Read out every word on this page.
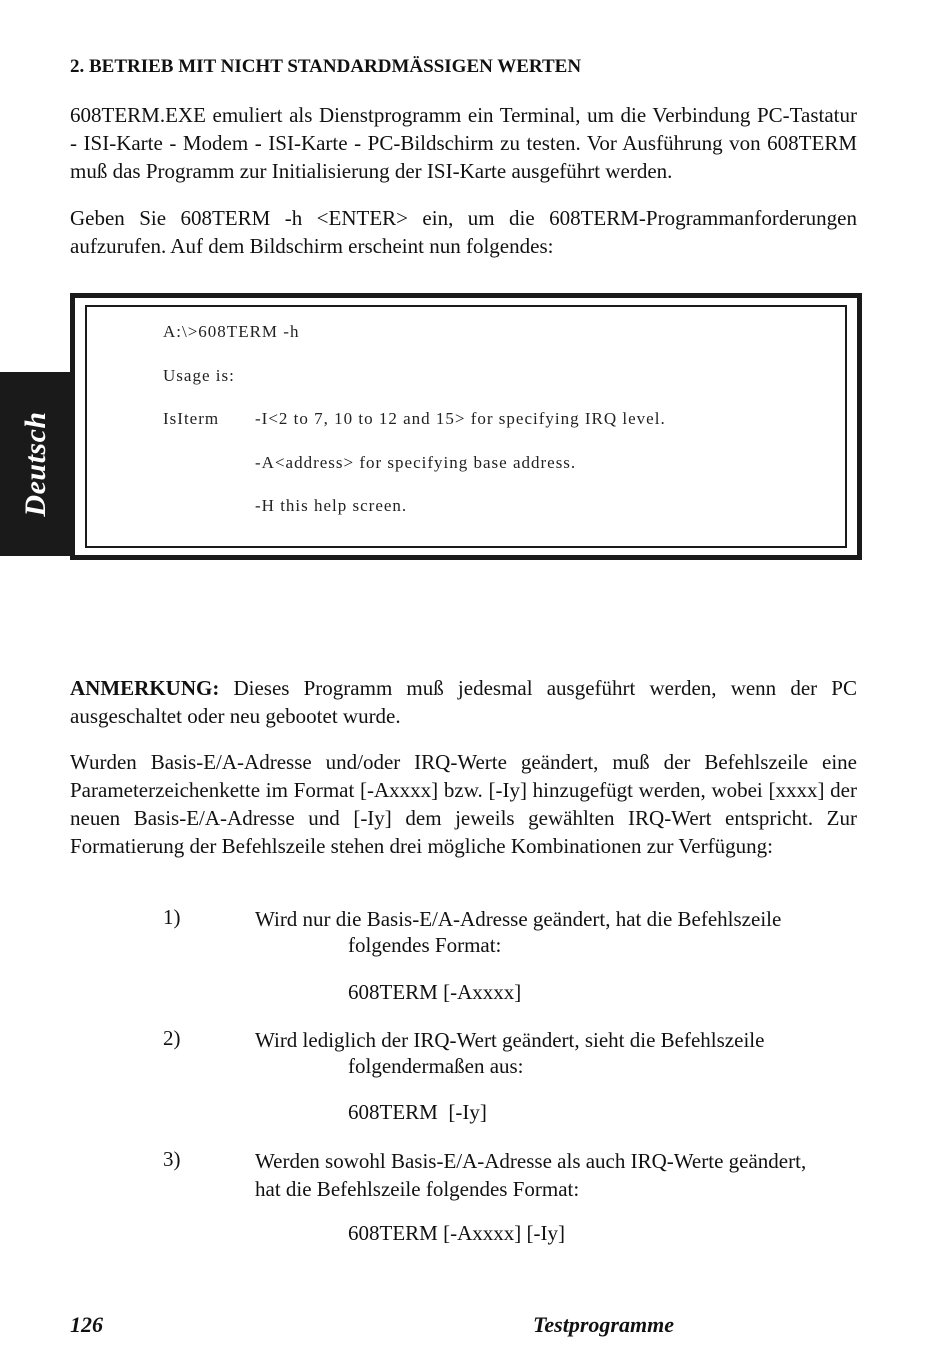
Deutsch
2. BETRIEB MIT NICHT STANDARDMÄSSIGEN WERTEN

608TERM.EXE emuliert als Dienstprogramm ein Terminal, um die Verbindung PC-Tastatur - ISI-Karte - Modem - ISI-Karte - PC-Bildschirm zu testen. Vor Ausführung von 608TERM muß das Programm zur Initialisierung der ISI-Karte ausgeführt werden.

Geben Sie 608TERM -h <ENTER> ein, um die 608TERM-Programmanforderungen aufzurufen. Auf dem Bildschirm erscheint nun folgendes:

A:\>608TERM -h
Usage is:
IsIterm -I<2 to 7, 10 to 12 and 15> for specifying IRQ level.
-A<address> for specifying base address.
-H this help screen.

ANMERKUNG: Dieses Programm muß jedesmal ausgeführt werden, wenn der PC ausgeschaltet oder neu gebootet wurde.

Wurden Basis-E/A-Adresse und/oder IRQ-Werte geändert, muß der Befehlszeile eine Parameterzeichenkette im Format [-Axxxx] bzw. [-Iy] hinzugefügt werden, wobei [xxxx] der neuen Basis-E/A-Adresse und [-Iy] dem jeweils gewählten IRQ-Wert entspricht. Zur Formatierung der Befehlszeile stehen drei mögliche Kombinationen zur Verfügung:

1)	Wird nur die Basis-E/A-Adresse geändert, hat die Befehlszeile
folgendes Format:
608TERM [-Axxxx]
2)	Wird lediglich der IRQ-Wert geändert, sieht die Befehlszeile
folgendermaßen aus:
608TERM  [-Iy]
3)	Werden sowohl Basis-E/A-Adresse als auch IRQ-Werte geändert,
hat die Befehlszeile folgendes Format:
608TERM [-Axxxx] [-Iy]
126	Testprogramme
